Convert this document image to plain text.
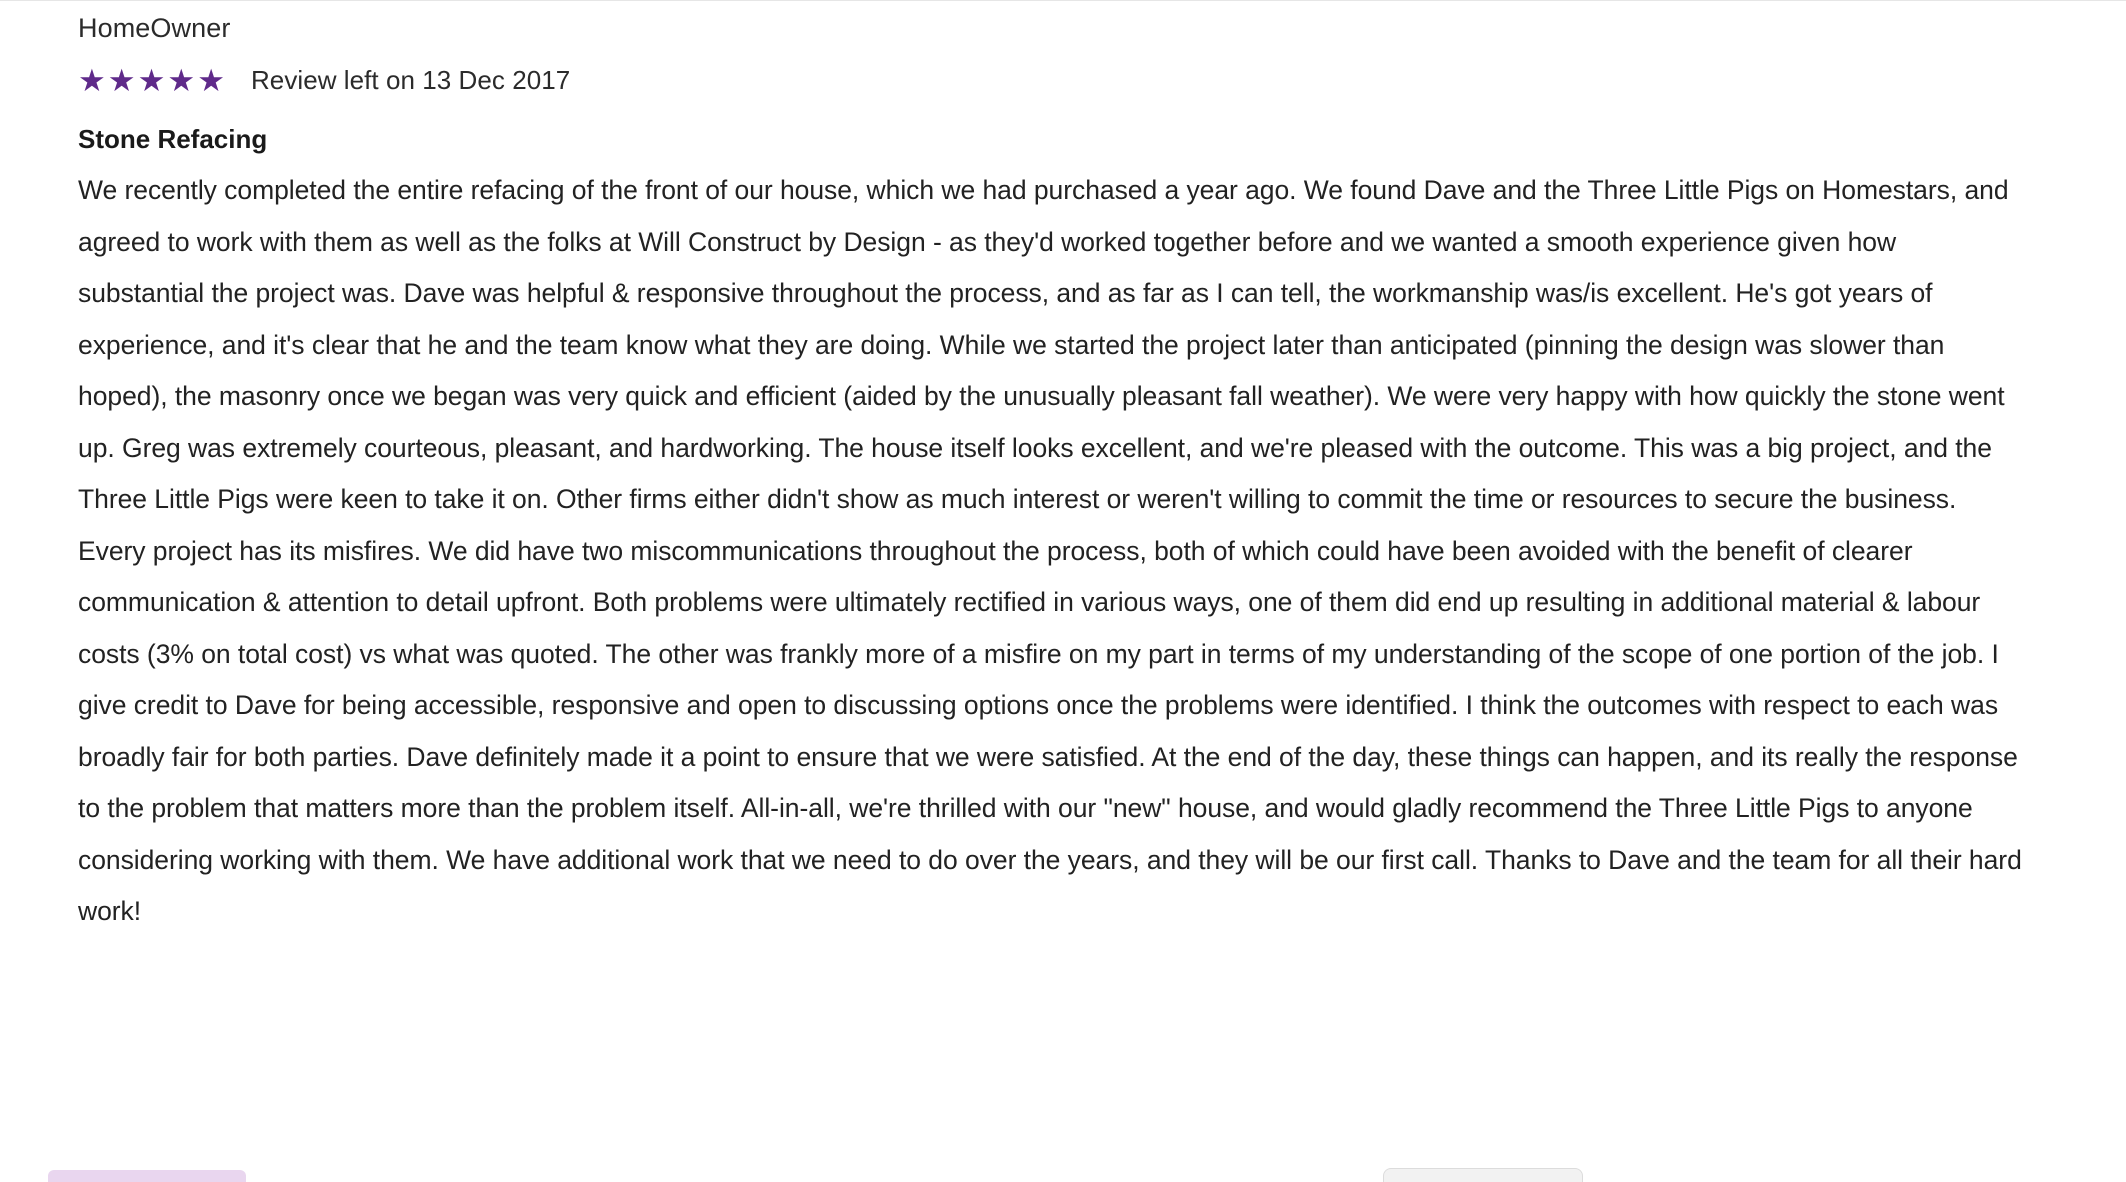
HomeOwner
★ ★ ★ ★ ★ Review left on 13 Dec 2017
Stone Refacing
We recently completed the entire refacing of the front of our house, which we had purchased a year ago. We found Dave and the Three Little Pigs on Homestars, and agreed to work with them as well as the folks at Will Construct by Design - as they'd worked together before and we wanted a smooth experience given how substantial the project was. Dave was helpful & responsive throughout the process, and as far as I can tell, the workmanship was/is excellent. He's got years of experience, and it's clear that he and the team know what they are doing. While we started the project later than anticipated (pinning the design was slower than hoped), the masonry once we began was very quick and efficient (aided by the unusually pleasant fall weather). We were very happy with how quickly the stone went up. Greg was extremely courteous, pleasant, and hardworking. The house itself looks excellent, and we're pleased with the outcome. This was a big project, and the Three Little Pigs were keen to take it on. Other firms either didn't show as much interest or weren't willing to commit the time or resources to secure the business. Every project has its misfires. We did have two miscommunications throughout the process, both of which could have been avoided with the benefit of clearer communication & attention to detail upfront. Both problems were ultimately rectified in various ways, one of them did end up resulting in additional material & labour costs (3% on total cost) vs what was quoted. The other was frankly more of a misfire on my part in terms of my understanding of the scope of one portion of the job. I give credit to Dave for being accessible, responsive and open to discussing options once the problems were identified. I think the outcomes with respect to each was broadly fair for both parties. Dave definitely made it a point to ensure that we were satisfied. At the end of the day, these things can happen, and its really the response to the problem that matters more than the problem itself. All-in-all, we're thrilled with our "new" house, and would gladly recommend the Three Little Pigs to anyone considering working with them. We have additional work that we need to do over the years, and they will be our first call. Thanks to Dave and the team for all their hard work!
